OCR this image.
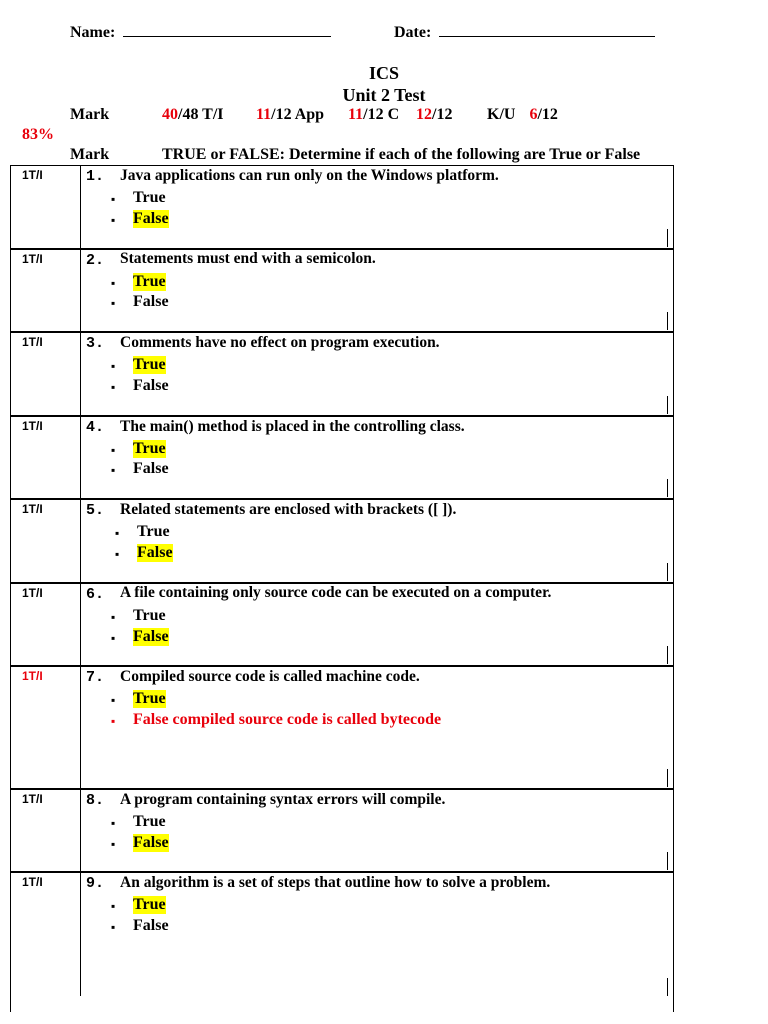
Name:	Date:
ICS
Unit 2 Test
Mark	40/48 T/I 11/12 App 11/12 C 12/12 K/U 6/12
83%
Mark	TRUE or FALSE: Determine if each of the following are True or False
1T/I	1. Java applications can run only on the Windows platform.
▪ True
▪ False
1T/I	2. Statements must end with a semicolon.
▪ True
▪ False
1T/I	3. Comments have no effect on program execution.
▪ True
▪ False
1T/I	4. The main() method is placed in the controlling class.
▪ True
▪ False
1T/I	5. Related statements are enclosed with brackets ([ ]).
▪ True
▪ False
1T/I	6. A file containing only source code can be executed on a computer.
▪ True
▪ False
1T/I	7. Compiled source code is called machine code.
▪ True
▪ False compiled source code is called bytecode
1T/I	8. A program containing syntax errors will compile.
▪ True
▪ False
1T/I	9. An algorithm is a set of steps that outline how to solve a problem.
▪ True
▪ False
